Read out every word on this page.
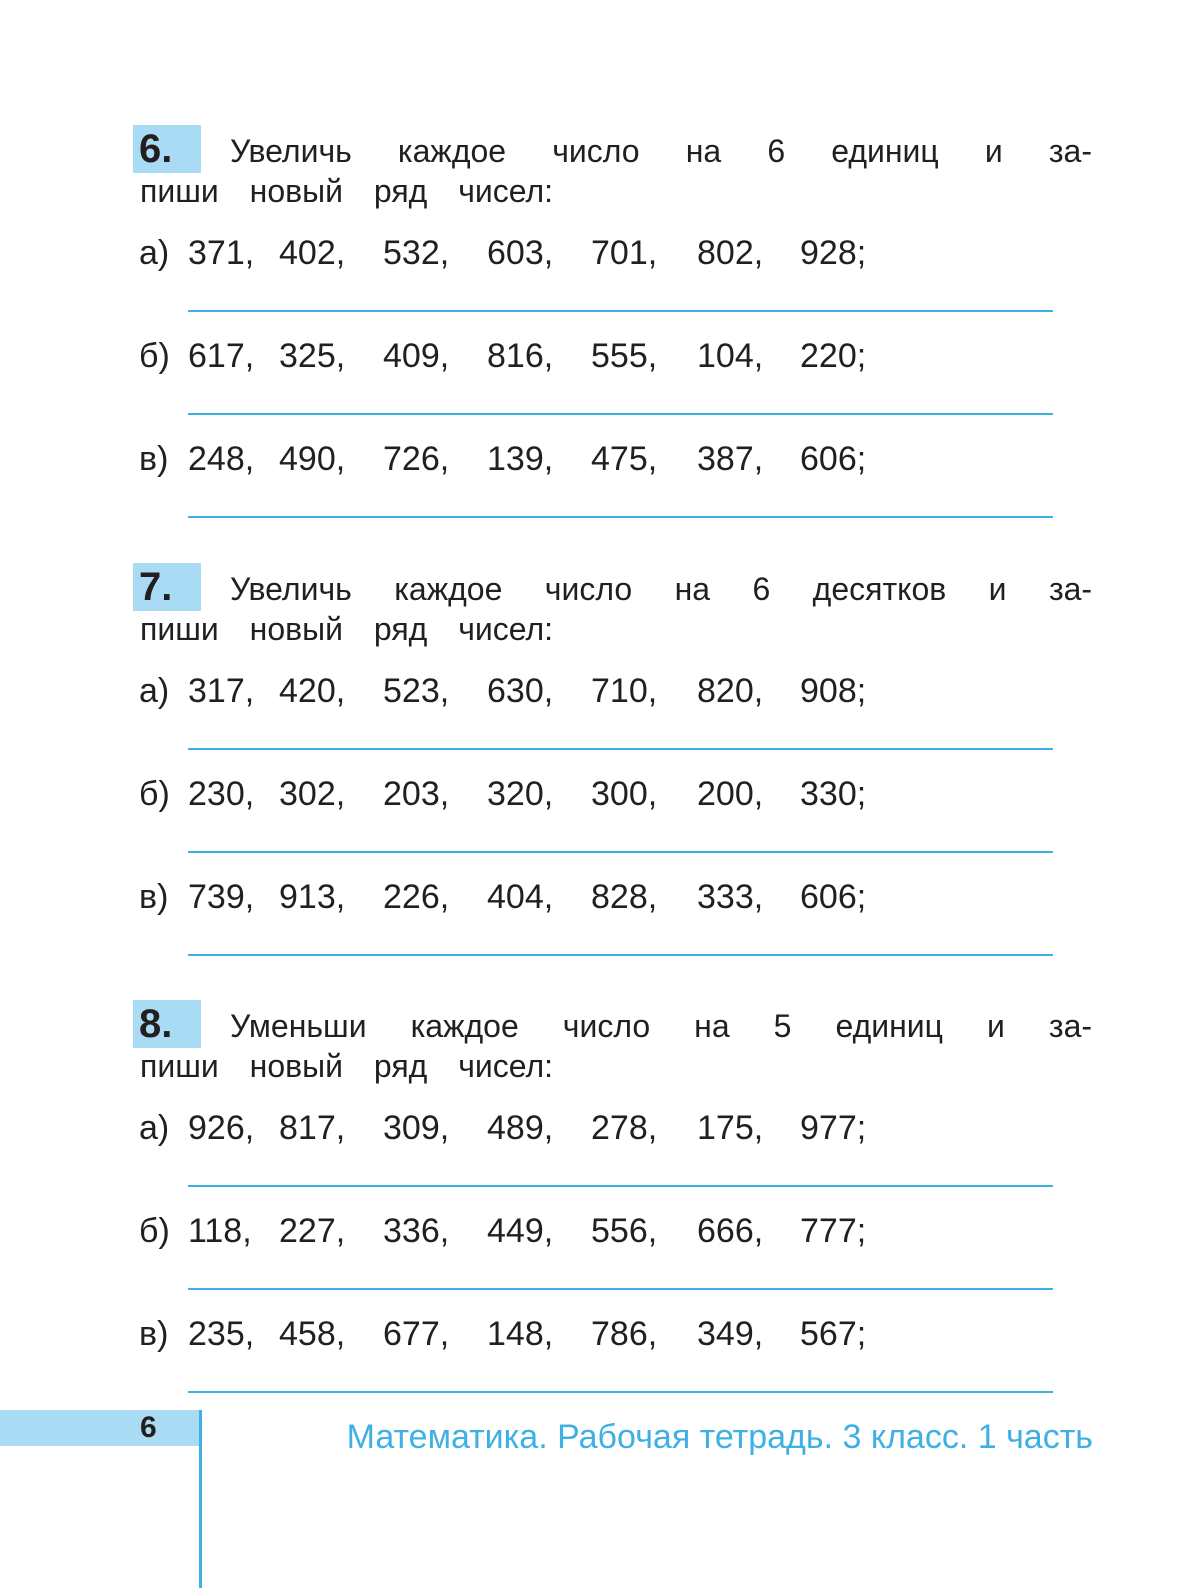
6.	Увеличь каждое число на 6 единиц и за-
пиши новый ряд чисел:
а) 371, 402, 532, 603, 701, 802, 928;
б) 617, 325, 409, 816, 555, 104, 220;
в) 248, 490, 726, 139, 475, 387, 606;
7.	Увеличь каждое число на 6 десятков и за-
пиши новый ряд чисел:
а) 317, 420, 523, 630, 710, 820, 908;
б) 230, 302, 203, 320, 300, 200, 330;
в) 739, 913, 226, 404, 828, 333, 606;
8.	Уменьши каждое число на 5 единиц и за-
пиши новый ряд чисел:
а) 926, 817, 309, 489, 278, 175, 977;
б) 118, 227, 336, 449, 556, 666, 777;
в) 235, 458, 677, 148, 786, 349, 567;
6	Математика. Рабочая тетрадь. 3 класс. 1 часть
